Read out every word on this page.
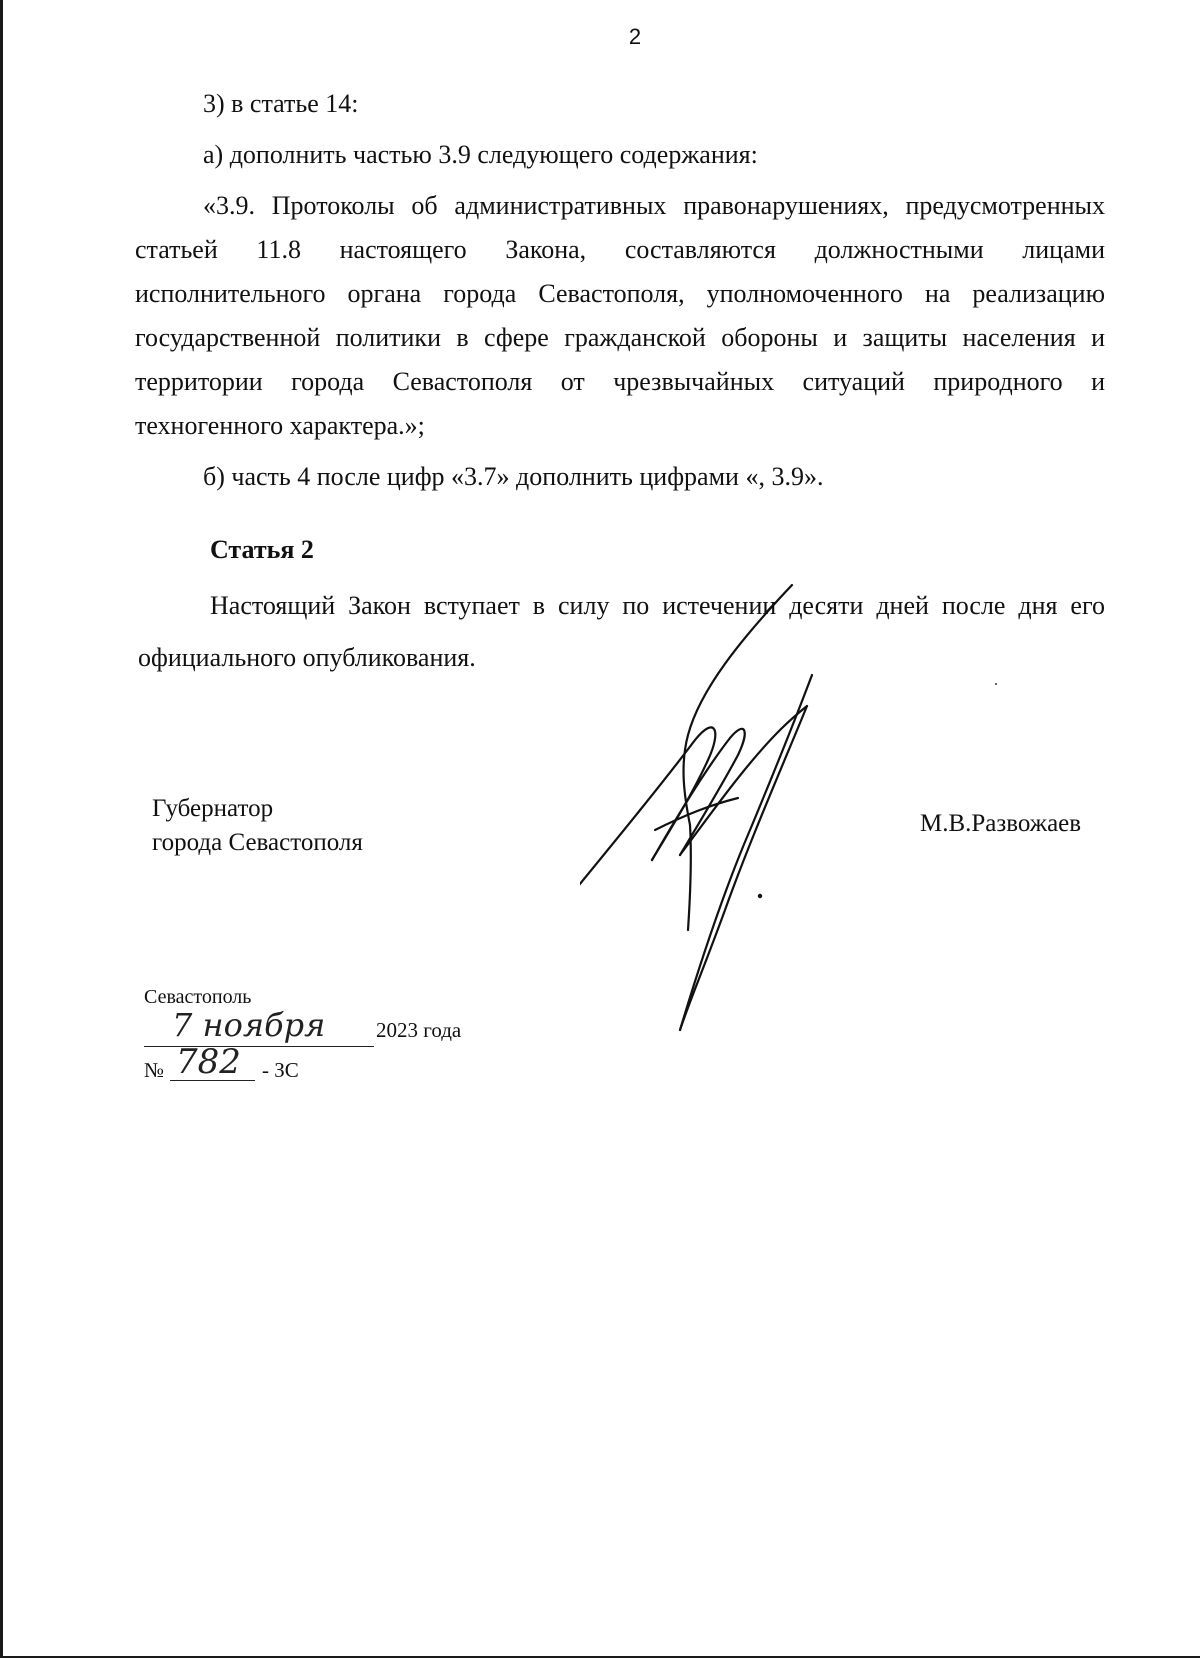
2

3) в статье 14:

а) дополнить частью 3.9 следующего содержания:

«3.9. Протоколы об административных правонарушениях, предусмотренных статьей 11.8 настоящего Закона, составляются должностными лицами исполнительного органа города Севастополя, уполномоченного на реализацию государственной политики в сфере гражданской обороны и защиты населения и территории города Севастополя от чрезвычайных ситуаций природного и техногенного характера.»;

б) часть 4 после цифр «3.7» дополнить цифрами «, 3.9».

Статья 2

Настоящий Закон вступает в силу по истечении десяти дней после дня его официального опубликования.

Губернатор
города Севастополя
М.В.Развожаев
Севастополь
7 ноября 2023 года
№ 782 - ЗС
